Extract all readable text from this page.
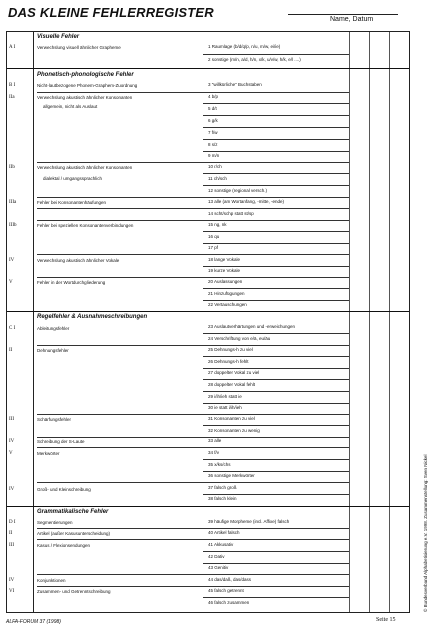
DAS KLEINE FEHLERREGISTER	Name, Datum
Visuelle Fehler
A I	Verwechslung visuell ähnlicher Grapheme	1 Raumlage (b/d/q/p, n/u, m/w, ei/ie)
2 sonstige (m/n, a/d, h/n, x/k, u/v/w, h/k, e/l ....)
Phonetisch-phonologische Fehler
B I	Nicht-lautbezogene Phonem-Graphem-Zuordnung	3 "willkürliche" Buchstaben
IIa	Verwechslung akustisch ähnlicher Konsonanten
allgemein, nicht als Auslaut
4 b/p
5 d/t
6 g/k
7 f/w
8 s/z
9 m/n
IIb	Verwechslung akustisch ähnlicher Konsonanten
dialektal / umgangssprachlich
10 r/ch
11 ch/sch
12 sonstige (regional versch.)
IIIa	Fehler bei Konsonantenhäufungen	13 alle (am Wortanfang, -mitte, -ende)
14 scht/schp statt st/sp
IIIb	Fehler bei speziellen Konsonantenverbindungen	15 ng, nk
16 qu
17 pf
IV	Verwechslung akustisch ähnlicher Vokale	18 lange Vokale
19 kurze Vokale
V	Fehler in der Wortdurchgliederung	20 Auslassungen
21 Hinzufügungen
22 Vertauschungen
Regelfehler & Ausnahmeschreibungen
C I	Ableitungsfehler	23 Auslautverhärtungen und -erweichungen
24 Verschriftung von e/ä, eu/äu
II	Dehnungsfehler	25 Dehnungs-h zu viel
26 Dehnungs-h fehlt
27 doppelter Vokal zu viel
28 doppelter Vokal fehlt
29 i/ih/ieh statt ie
30 ie statt i/ih/ieh
III	Schärfungsfehler	31 Konsonanten zu viel
32 Konsonanten zu wenig
IV	Schreibung der S-Laute	33 alle
V	Merkwörter	34 f/v
35 x/ks/chs
36 sonstige Merkwörter
IV	Groß- und Kleinschreibung	37 falsch groß
38 falsch klein
Grammatikalische Fehler
D I	Segmentierungen	39 häufige Morpheme (incl. Affixe) falsch
II	Artikel (außer Kasusunterscheidung)	40 Artikel falsch
III	Kasus / Flexionsendungen	41 Akkusativ
42 Dativ
43 Genitiv
IV	Konjunktionen	44 das/daß, das/dass
VI	Zusammen- und Getrenntschreibung	45 falsch getrennt
46 falsch zusammen	© Bundesverband Alphabetisierung e.V. 1998. Zusammenstellung: Sven Nickel
ALFA-FORUM 37 (1998)	Seite 15
